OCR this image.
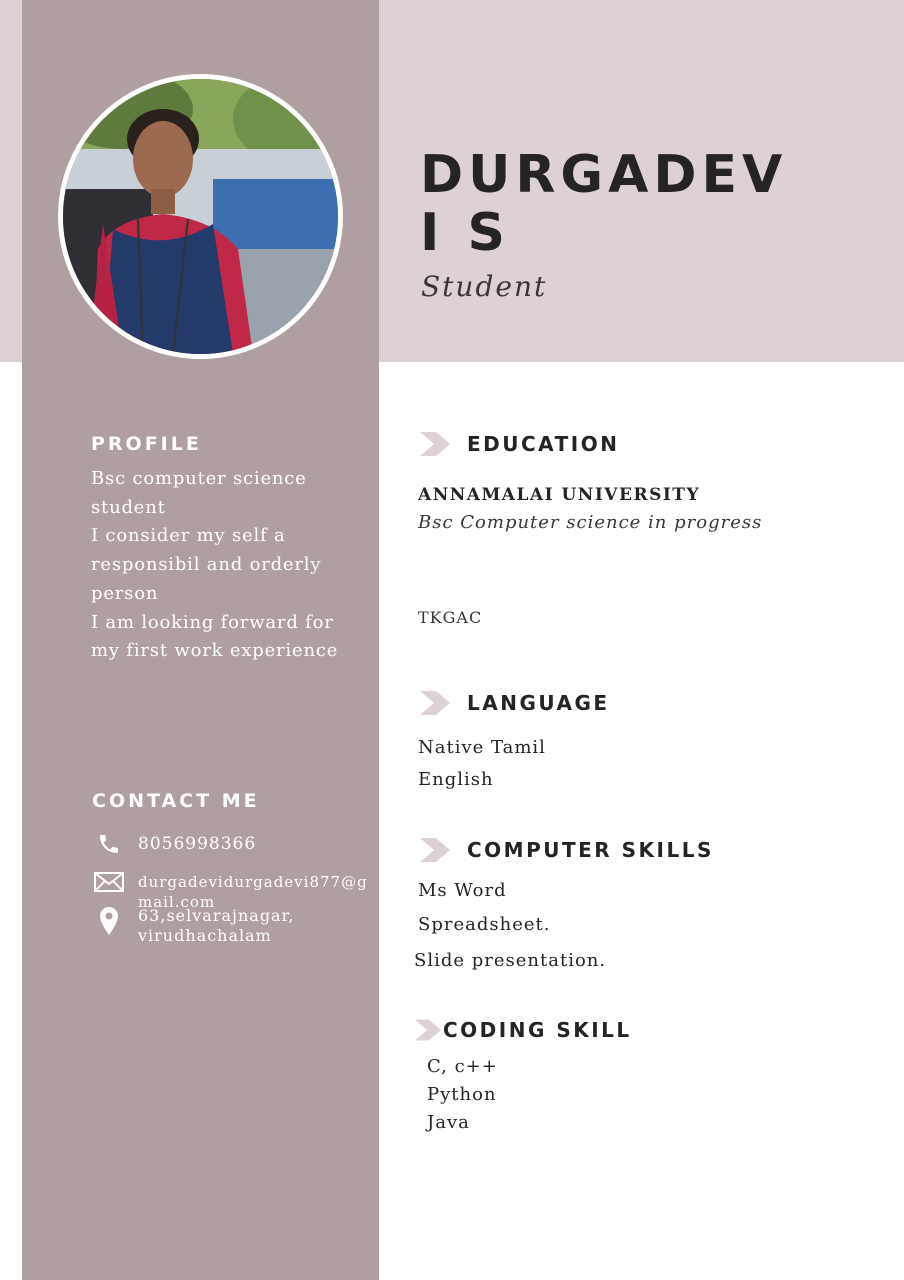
DURGADEVI S
Student
PROFILE
Bsc computer science student
I consider my self a responsibil and orderly person
I am looking forward for my first work experience
CONTACT ME
8056998366
durgadevidurgadevi877@gmail.com
63,selvarajnagar,
virudhachalam
EDUCATION
ANNAMALAI UNIVERSITY
Bsc Computer science in progress
TKGAC
LANGUAGE
Native Tamil
English
COMPUTER SKILLS
Ms Word
Spreadsheet.
Slide presentation.
CODING SKILL
C, c++
Python
Java
